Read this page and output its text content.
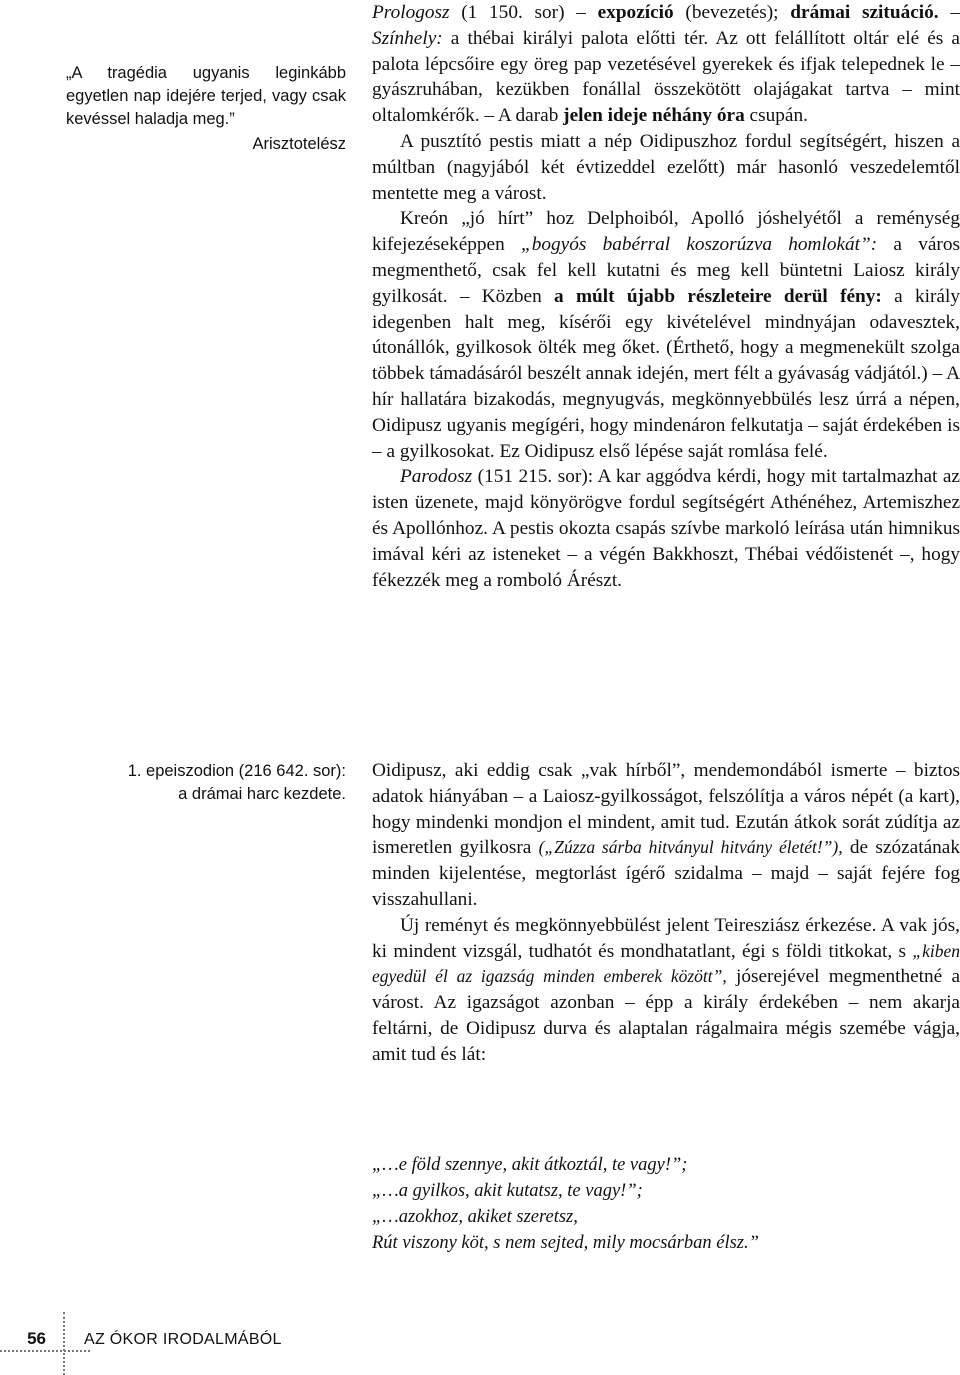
„A tragédia ugyanis leginkább egyetlen nap idejére terjed, vagy csak kevéssel haladja meg.”
Arisztotelész
1. epeiszodion (216 642. sor):
a drámai harc kezdete.

Prologosz (1 150. sor) – expozíció (bevezetés); drámai szituáció. – Színhely: a thébai királyi palota előtti tér. Az ott felállított oltár elé és a palota lépcsőire egy öreg pap vezetésével gyerekek és ifjak telepednek le – gyászruhában, kezükben fonállal összekötött olajágakat tartva – mint oltalomkérők. – A darab jelen ideje néhány óra csupán.

A pusztító pestis miatt a nép Oidipuszhoz fordul segítségért, hiszen a múltban (nagyjából két évtizeddel ezelőtt) már hasonló veszedelemtől mentette meg a várost.

Kreón „jó hírt” hoz Delphoiból, Apolló jóshelyétől a reménység kifejezéseképpen „bogyós babérral koszorúzva homlokát”: a város megmenthető, csak fel kell kutatni és meg kell büntetni Laiosz király gyilkosát. – Közben a múlt újabb részleteire derül fény: a király idegenben halt meg, kísérői egy kivételével mindnyájan odavesztek, útonállók, gyilkosok ölték meg őket. (Érthető, hogy a megmenekült szolga többek támadásáról beszélt annak idején, mert félt a gyávaság vádjától.) – A hír hallatára bizakodás, megnyugvás, megkönnyebbülés lesz úrrá a népen, Oidipusz ugyanis megígéri, hogy mindenáron felkutatja – saját érdekében is – a gyilkosokat. Ez Oidipusz első lépése saját romlása felé.

Parodosz (151 215. sor): A kar aggódva kérdi, hogy mit tartalmazhat az isten üzenete, majd könyörögve fordul segítségért Athénéhez, Artemiszhez és Apollónhoz. A pestis okozta csapás szívbe markoló leírása után himnikus imával kéri az isteneket – a végén Bakkhoszt, Thébai védőistenét –, hogy fékezzék meg a romboló Árészt.

Oidipusz, aki eddig csak „vak hírből”, mendemondából ismerte – biztos adatok hiányában – a Laiosz-gyilkosságot, felszólítja a város népét (a kart), hogy mindenki mondjon el mindent, amit tud. Ezután átkok sorát zúdítja az ismeretlen gyilkosra („Zúzza sárba hitványul hitvány életét!”), de szózatának minden kijelentése, megtorlást ígérő szidalma – majd – saját fejére fog visszahullani.

Új reményt és megkönnyebbülést jelent Teiresziász érkezése. A vak jós, ki mindent vizsgál, tudhatót és mondhatatlant, égi s földi titkokat, s „kiben egyedül él az igazság minden emberek között”, jóserejével megmenthetné a várost. Az igazságot azonban – épp a király érdekében – nem akarja feltárni, de Oidipusz durva és alaptalan rágalmaira mégis szemébe vágja, amit tud és lát:

„…e föld szennye, akit átkoztál, te vagy!”;
„…a gyilkos, akit kutatsz, te vagy!”;
„…azokhoz, akiket szeretsz,
Rút viszony köt, s nem sejted, mily mocsárban élsz.”
56 AZ ÓKOR IRODALMÁBÓL
